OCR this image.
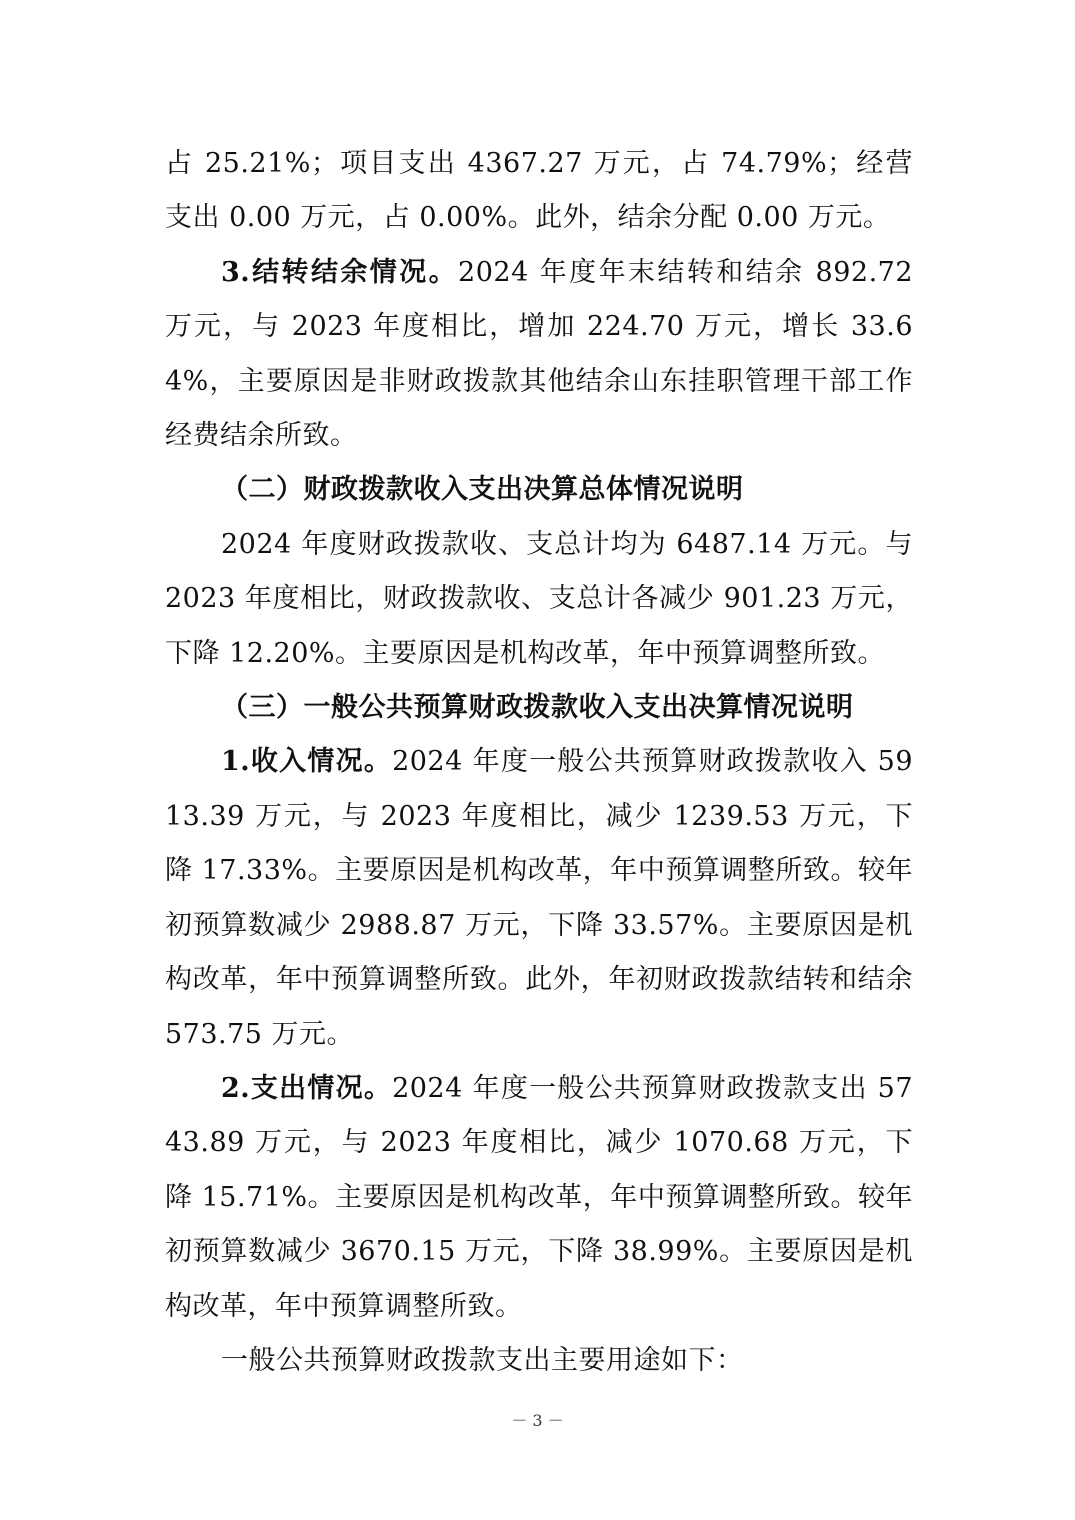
占 25.21%；项目支出 4367.27 万元，占 74.79%；经营支出 0.00 万元，占 0.00%。此外，结余分配 0.00 万元。

3.结转结余情况。2024 年度年末结转和结余 892.72 万元，与 2023 年度相比，增加 224.70 万元，增长 33.64%，主要原因是非财政拨款其他结余山东挂职管理干部工作经费结余所致。

（二）财政拨款收入支出决算总体情况说明

2024 年度财政拨款收、支总计均为 6487.14 万元。与 2023 年度相比，财政拨款收、支总计各减少 901.23 万元，下降 12.20%。主要原因是机构改革，年中预算调整所致。

（三）一般公共预算财政拨款收入支出决算情况说明

1.收入情况。2024 年度一般公共预算财政拨款收入 5913.39 万元，与 2023 年度相比，减少 1239.53 万元，下降 17.33%。主要原因是机构改革，年中预算调整所致。较年初预算数减少 2988.87 万元，下降 33.57%。主要原因是机构改革，年中预算调整所致。此外，年初财政拨款结转和结余 573.75 万元。

2.支出情况。2024 年度一般公共预算财政拨款支出 5743.89 万元，与 2023 年度相比，减少 1070.68 万元，下降 15.71%。主要原因是机构改革，年中预算调整所致。较年初预算数减少 3670.15 万元，下降 38.99%。主要原因是机构改革，年中预算调整所致。

一般公共预算财政拨款支出主要用途如下：

－ 3 －
